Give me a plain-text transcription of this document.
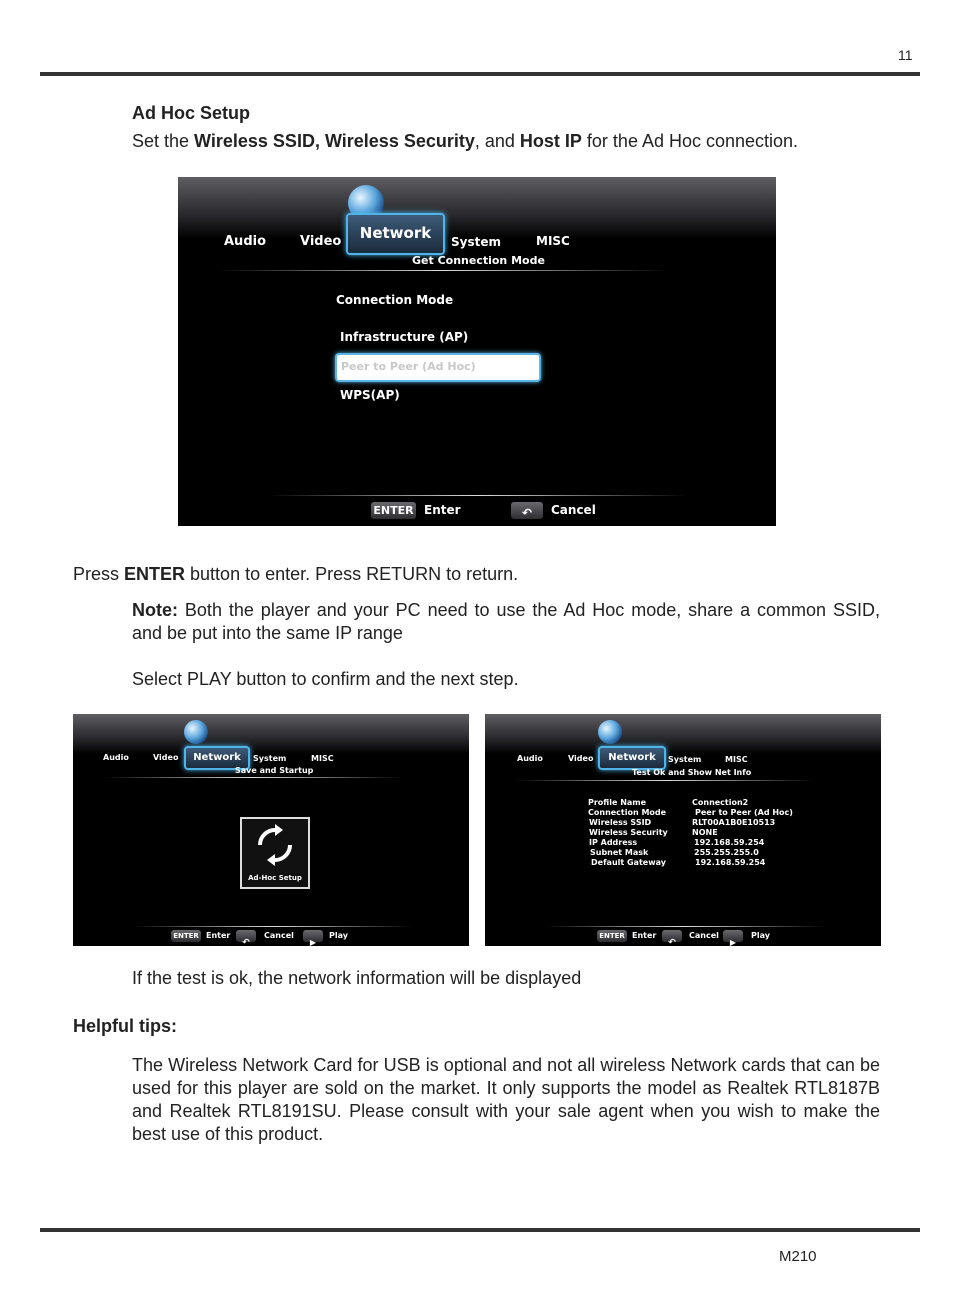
11
Ad Hoc Setup
Set the Wireless SSID, Wireless Security, and Host IP for the Ad Hoc connection.
Audio	Video	Network	System	MISC
Get Connection Mode
Connection Mode
Infrastructure (AP)
Peer to Peer (Ad Hoc)
WPS(AP)
ENTER Enter	↶	Cancel
Press ENTER button to enter. Press RETURN to return.
Note: Both the player and your PC need to use the Ad Hoc mode, share a common SSID, and be put into the same IP range
Select PLAY button to confirm and the next step.
Audio	Video	Network	System	MISC
Save and Startup
Ad-Hoc Setup
ENTER Enter
↶
Cancel
▶
Play
Audio	Video	Network	System	MISC
Test Ok and Show Net Info
Profile Name	Connection2
Connection Mode	Peer to Peer (Ad Hoc)
Wireless SSID	RLT00A1B0E10513
Wireless Security	NONE
IP Address	192.168.59.254
Subnet Mask	255.255.255.0
Default Gateway	192.168.59.254
ENTER Enter
↶
Cancel
▶
Play
If the test is ok, the network information will be displayed
Helpful tips:
The Wireless Network Card for USB is optional and not all wireless Network cards that can be used for this player are sold on the market. It only supports the model as Realtek RTL8187B and Realtek RTL8191SU. Please consult with your sale agent when you wish to make the best use of this product.
M210
